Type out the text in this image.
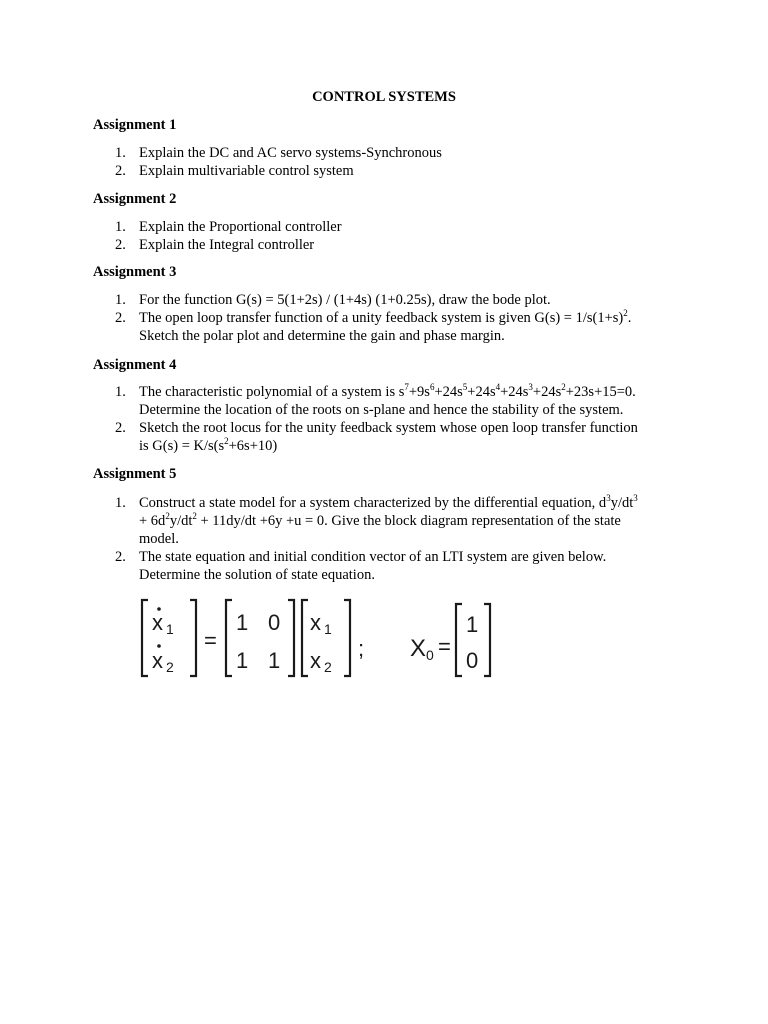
CONTROL SYSTEMS
Assignment 1
1. Explain the DC and AC servo systems-Synchronous
2. Explain multivariable control system
Assignment 2
1. Explain the Proportional controller
2. Explain the Integral controller
Assignment 3
1. For the function G(s) = 5(1+2s) / (1+4s) (1+0.25s), draw the bode plot.
2. The open loop transfer function of a unity feedback system is given $G(s) = 1/s(1+s)^2$.
Sketch the polar plot and determine the gain and phase margin.
Assignment 4
1. The characteristic polynomial of a system is $s^7+9s^6+24s^5+24s^4+24s^3+24s^2+23s+15=0$.
Determine the location of the roots on s-plane and hence the stability of the system.
2. Sketch the root locus for the unity feedback system whose open loop transfer function
is $G(s) = K/s(s^2+6s+10)$
Assignment 5
1. Construct a state model for a system characterized by the differential equation, $d^3y/dt^3$
+ $6d^2y/dt^2 + 11dy/dt +6y +u = 0$. Give the block diagram representation of the state
model.
2. The state equation and initial condition vector of an LTI system are given below.
Determine the solution of state equation.
x 1
x 2
=
1 0
1 1
x 1
x 2
; X 0 =
1
0
